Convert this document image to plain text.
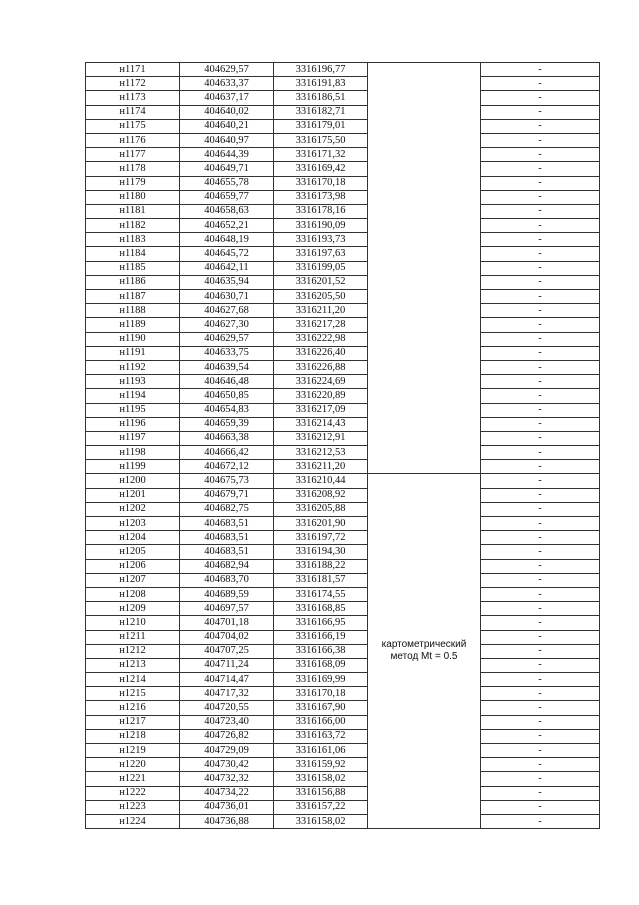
н1171	404629,57	3316196,77		-
н1172	404633,37	3316191,83		-
н1173	404637,17	3316186,51		-
н1174	404640,02	3316182,71		-
н1175	404640,21	3316179,01		-
н1176	404640,97	3316175,50		-
н1177	404644,39	3316171,32		-
н1178	404649,71	3316169,42		-
н1179	404655,78	3316170,18		-
н1180	404659,77	3316173,98		-
н1181	404658,63	3316178,16		-
н1182	404652,21	3316190,09		-
н1183	404648,19	3316193,73		-
н1184	404645,72	3316197,63		-
н1185	404642,11	3316199,05		-
н1186	404635,94	3316201,52		-
н1187	404630,71	3316205,50		-
н1188	404627,68	3316211,20		-
н1189	404627,30	3316217,28		-
н1190	404629,57	3316222,98		-
н1191	404633,75	3316226,40		-
н1192	404639,54	3316226,88		-
н1193	404646,48	3316224,69		-
н1194	404650,85	3316220,89		-
н1195	404654,83	3316217,09		-
н1196	404659,39	3316214,43		-
н1197	404663,38	3316212,91		-
н1198	404666,42	3316212,53		-
н1199	404672,12	3316211,20		-
н1200	404675,73	3316210,44	картометрический
метод Mt = 0.5	-
н1201	404679,71	3316208,92		-
н1202	404682,75	3316205,88		-
н1203	404683,51	3316201,90		-
н1204	404683,51	3316197,72		-
н1205	404683,51	3316194,30		-
н1206	404682,94	3316188,22		-
н1207	404683,70	3316181,57		-
н1208	404689,59	3316174,55		-
н1209	404697,57	3316168,85		-
н1210	404701,18	3316166,95		-
н1211	404704,02	3316166,19		-
н1212	404707,25	3316166,38		-
н1213	404711,24	3316168,09		-
н1214	404714,47	3316169,99		-
н1215	404717,32	3316170,18		-
н1216	404720,55	3316167,90		-
н1217	404723,40	3316166,00		-
н1218	404726,82	3316163,72		-
н1219	404729,09	3316161,06		-
н1220	404730,42	3316159,92		-
н1221	404732,32	3316158,02		-
н1222	404734,22	3316156,88		-
н1223	404736,01	3316157,22		-
н1224	404736,88	3316158,02		-
